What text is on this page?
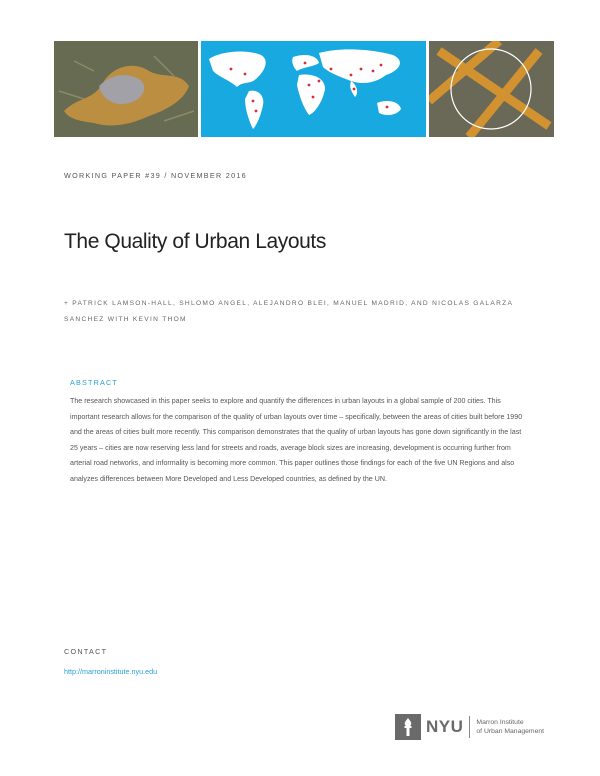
WORKING PAPER #39 / NOVEMBER 2016
The Quality of Urban Layouts
+ PATRICK LAMSON-HALL, SHLOMO ANGEL, ALEJANDRO BLEI, MANUEL MADRID, AND NICOLAS GALARZA SANCHEZ WITH KEVIN THOM
ABSTRACT

The research showcased in this paper seeks to explore and quantify the differences in urban layouts in a global sample of 200 cities. This important research allows for the comparison of the quality of urban layouts over time – specifically, between the areas of cities built before 1990 and the areas of cities built more recently. This comparison demonstrates that the quality of urban layouts has gone down significantly in the last 25 years – cities are now reserving less land for streets and roads, average block sizes are increasing, development is occurring further from arterial road networks, and informality is becoming more common. This paper outlines those findings for each of the five UN Regions and also analyzes differences between More Developed and Less Developed countries, as defined by the UN.

CONTACT
http://marroninstitute.nyu.edu
NYU Marron Institute
of Urban Management
